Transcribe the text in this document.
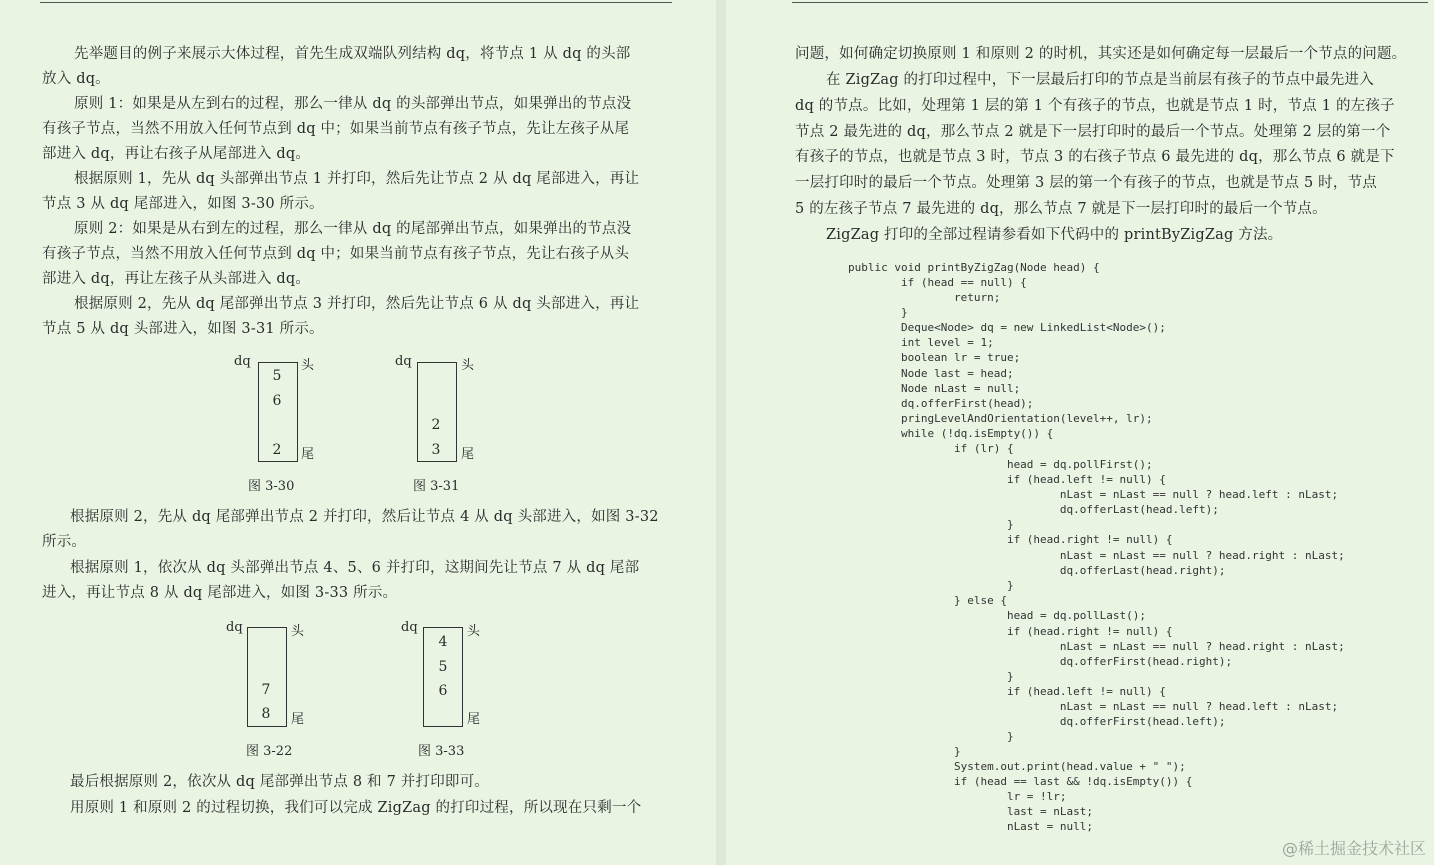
先举题目的例子来展示大体过程，首先生成双端队列结构 dq，将节点 1 从 dq 的头部
放入 dq。
原则 1：如果是从左到右的过程，那么一律从 dq 的头部弹出节点，如果弹出的节点没
有孩子节点，当然不用放入任何节点到 dq 中；如果当前节点有孩子节点，先让左孩子从尾
部进入 dq，再让右孩子从尾部进入 dq。
根据原则 1，先从 dq 头部弹出节点 1 并打印，然后先让节点 2 从 dq 尾部进入，再让
节点 3 从 dq 尾部进入，如图 3-30 所示。
原则 2：如果是从右到左的过程，那么一律从 dq 的尾部弹出节点，如果弹出的节点没
有孩子节点，当然不用放入任何节点到 dq 中；如果当前节点有孩子节点，先让右孩子从头
部进入 dq，再让左孩子从头部进入 dq。
根据原则 2，先从 dq 尾部弹出节点 3 并打印，然后先让节点 6 从 dq 头部进入，再让
节点 5 从 dq 头部进入，如图 3-31 所示。
dq	头
尾
5
6
2
图 3-30
dq	头
尾
2
3
图 3-31
根据原则 2，先从 dq 尾部弹出节点 2 并打印，然后让节点 4 从 dq 头部进入，如图 3-32
所示。
根据原则 1，依次从 dq 头部弹出节点 4、5、6 并打印，这期间先让节点 7 从 dq 尾部
进入，再让节点 8 从 dq 尾部进入，如图 3-33 所示。
dq	头
尾
7
8
图 3-22
dq	头
尾
4
5
6
图 3-33
最后根据原则 2，依次从 dq 尾部弹出节点 8 和 7 并打印即可。
用原则 1 和原则 2 的过程切换，我们可以完成 ZigZag 的打印过程，所以现在只剩一个
问题，如何确定切换原则 1 和原则 2 的时机，其实还是如何确定每一层最后一个节点的问题。
在 ZigZag 的打印过程中，下一层最后打印的节点是当前层有孩子的节点中最先进入
dq 的节点。比如，处理第 1 层的第 1 个有孩子的节点，也就是节点 1 时，节点 1 的左孩子
节点 2 最先进的 dq，那么节点 2 就是下一层打印时的最后一个节点。处理第 2 层的第一个
有孩子的节点，也就是节点 3 时，节点 3 的右孩子节点 6 最先进的 dq，那么节点 6 就是下
一层打印时的最后一个节点。处理第 3 层的第一个有孩子的节点，也就是节点 5 时，节点
5 的左孩子节点 7 最先进的 dq，那么节点 7 就是下一层打印时的最后一个节点。
ZigZag 打印的全部过程请参看如下代码中的 printByZigZag 方法。
public void printByZigZag(Node head) {
if (head == null) {
return;
}
Deque<Node> dq = new LinkedList<Node>();
int level = 1;
boolean lr = true;
Node last = head;
Node nLast = null;
dq.offerFirst(head);
pringLevelAndOrientation(level++, lr);
while (!dq.isEmpty()) {
if (lr) {
head = dq.pollFirst();
if (head.left != null) {
nLast = nLast == null ? head.left : nLast;
dq.offerLast(head.left);
}
if (head.right != null) {
nLast = nLast == null ? head.right : nLast;
dq.offerLast(head.right);
}
} else {
head = dq.pollLast();
if (head.right != null) {
nLast = nLast == null ? head.right : nLast;
dq.offerFirst(head.right);
}
if (head.left != null) {
nLast = nLast == null ? head.left : nLast;
dq.offerFirst(head.left);
}
}
System.out.print(head.value + " ");
if (head == last && !dq.isEmpty()) {
lr = !lr;
last = nLast;
nLast = null;
@稀土掘金技术社区
